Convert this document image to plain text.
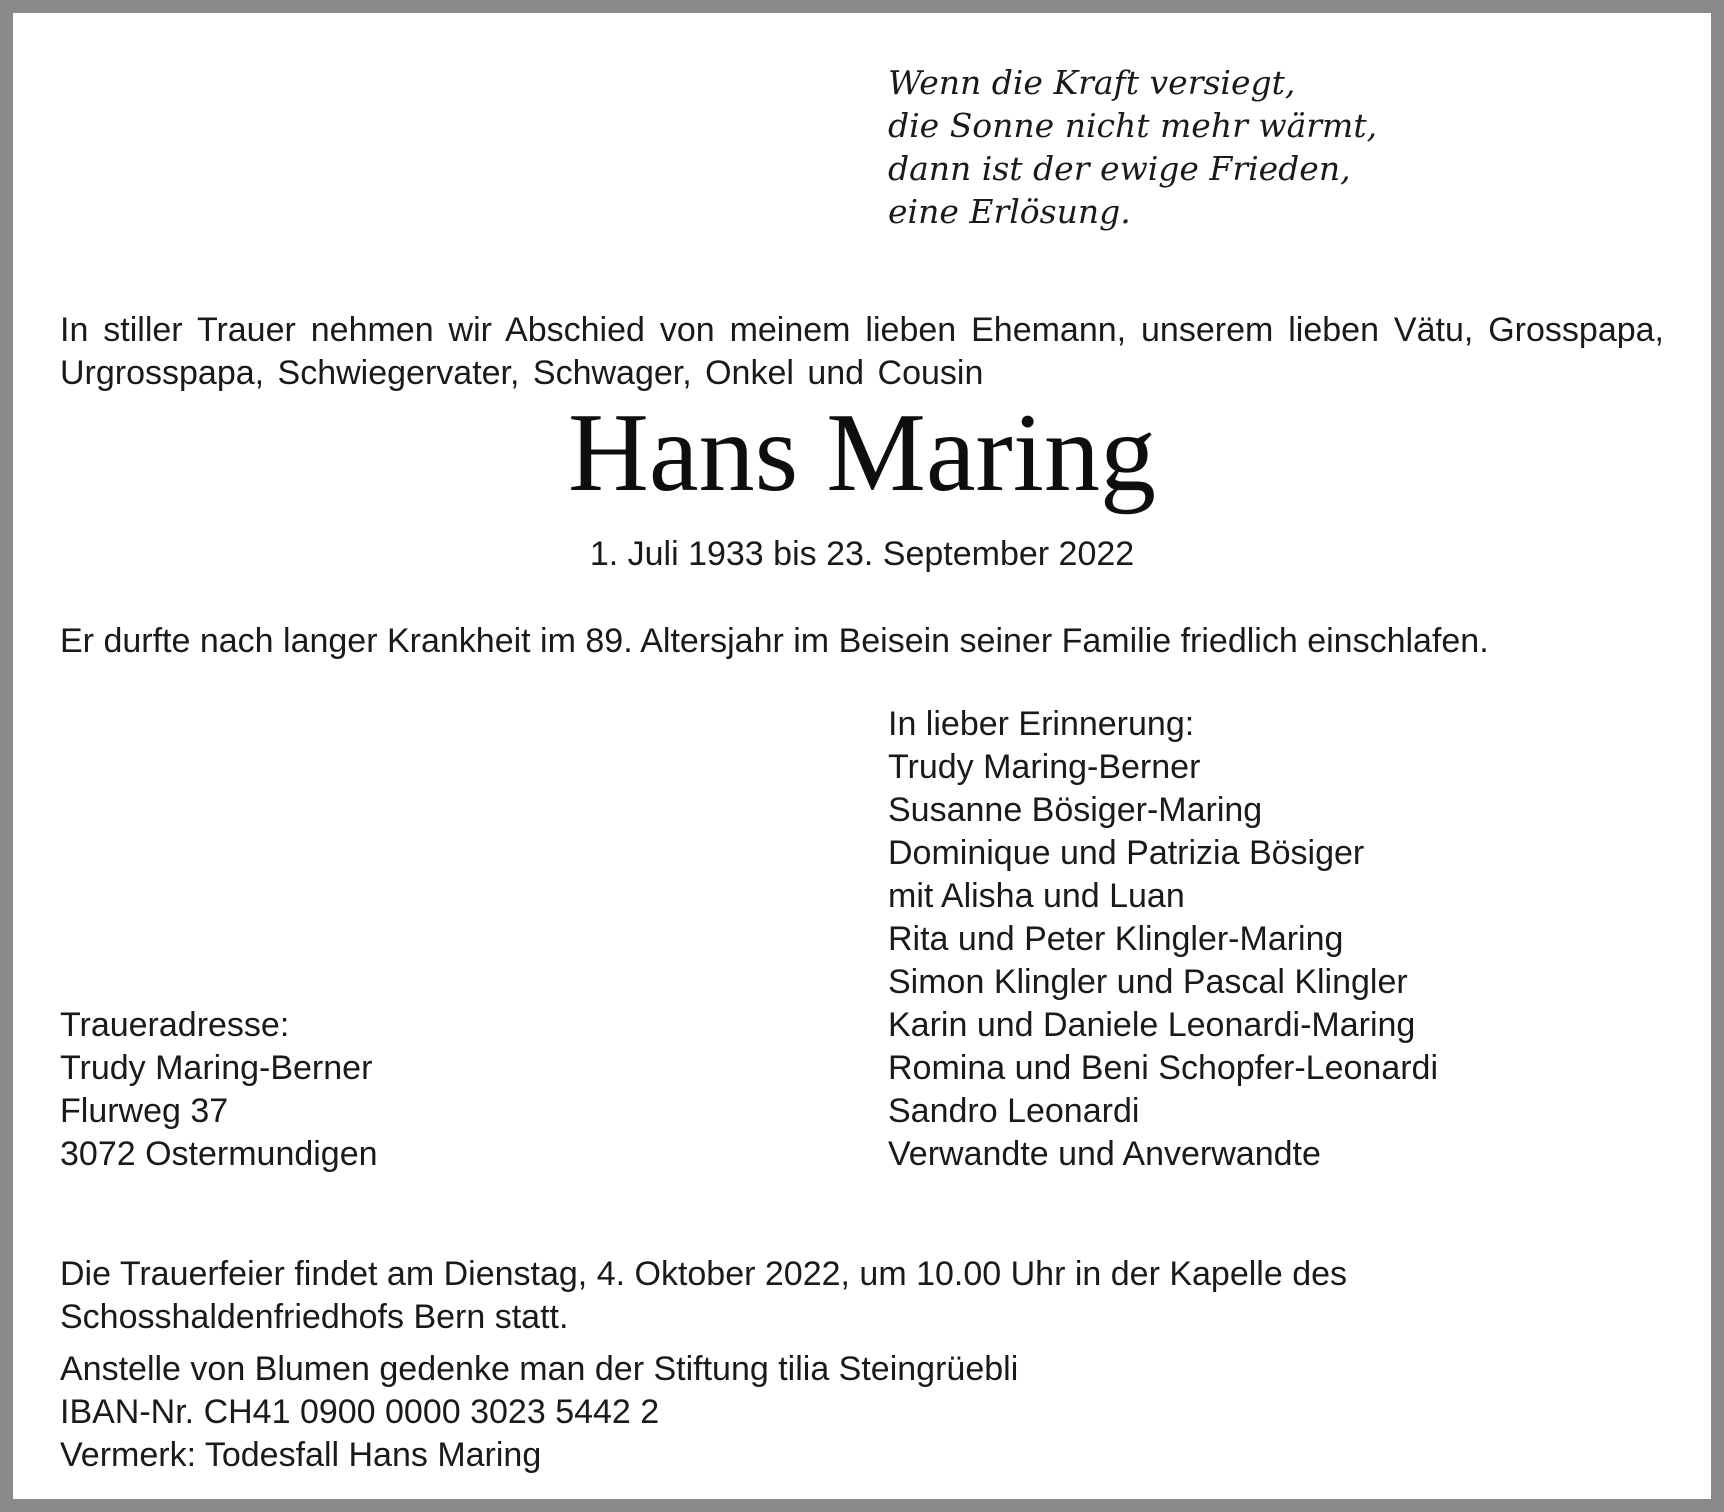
Wenn die Kraft versiegt,
die Sonne nicht mehr wärmt,
dann ist der ewige Frieden,
eine Erlösung.

In stiller Trauer nehmen wir Abschied von meinem lieben Ehemann, unserem lieben Vätu, Grosspapa, Urgrosspapa, Schwiegervater, Schwager, Onkel und Cousin

Hans Maring
1. Juli 1933 bis 23. September 2022

Er durfte nach langer Krankheit im 89. Altersjahr im Beisein seiner Familie friedlich einschlafen.

In lieber Erinnerung:
Trudy Maring-Berner
Susanne Bösiger-Maring
Dominique und Patrizia Bösiger
mit Alisha und Luan
Rita und Peter Klingler-Maring
Simon Klingler und Pascal Klingler
Karin und Daniele Leonardi-Maring
Romina und Beni Schopfer-Leonardi
Sandro Leonardi
Verwandte und Anverwandte
Traueradresse:
Trudy Maring-Berner
Flurweg 37
3072 Ostermundigen

Die Trauerfeier findet am Dienstag, 4. Oktober 2022, um 10.00 Uhr in der Kapelle des Schosshaldenfriedhofs Bern statt.

Anstelle von Blumen gedenke man der Stiftung tilia Steingrüebli
IBAN-Nr. CH41 0900 0000 3023 5442 2
Vermerk: Todesfall Hans Maring
